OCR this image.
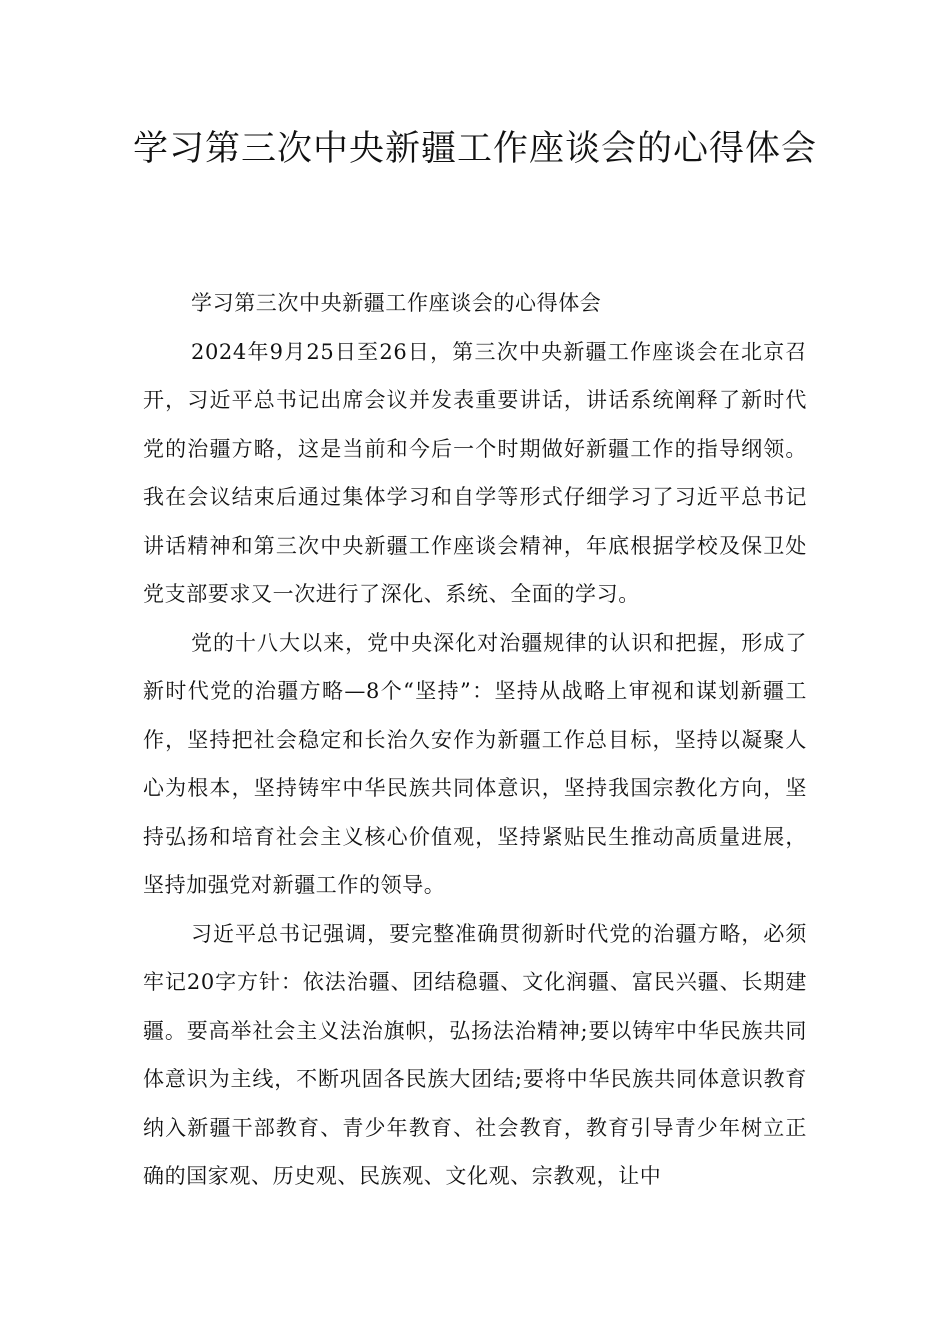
学习第三次中央新疆工作座谈会的心得体会

学习第三次中央新疆工作座谈会的心得体会

2024年9月25日至26日，第三次中央新疆工作座谈会在北京召开，习近平总书记出席会议并发表重要讲话，讲话系统阐释了新时代党的治疆方略，这是当前和今后一个时期做好新疆工作的指导纲领。我在会议结束后通过集体学习和自学等形式仔细学习了习近平总书记讲话精神和第三次中央新疆工作座谈会精神，年底根据学校及保卫处党支部要求又一次进行了深化、系统、全面的学习。

党的十八大以来，党中央深化对治疆规律的认识和把握，形成了新时代党的治疆方略—8个“坚持”：坚持从战略上审视和谋划新疆工作，坚持把社会稳定和长治久安作为新疆工作总目标，坚持以凝聚人心为根本，坚持铸牢中华民族共同体意识，坚持我国宗教化方向，坚持弘扬和培育社会主义核心价值观，坚持紧贴民生推动高质量进展，坚持加强党对新疆工作的领导。

习近平总书记强调，要完整准确贯彻新时代党的治疆方略，必须牢记20字方针：依法治疆、团结稳疆、文化润疆、富民兴疆、长期建疆。要高举社会主义法治旗帜，弘扬法治精神;要以铸牢中华民族共同体意识为主线，不断巩固各民族大团结;要将中华民族共同体意识教育纳入新疆干部教育、青少年教育、社会教育，教育引导青少年树立正确的国家观、历史观、民族观、文化观、宗教观，让中
